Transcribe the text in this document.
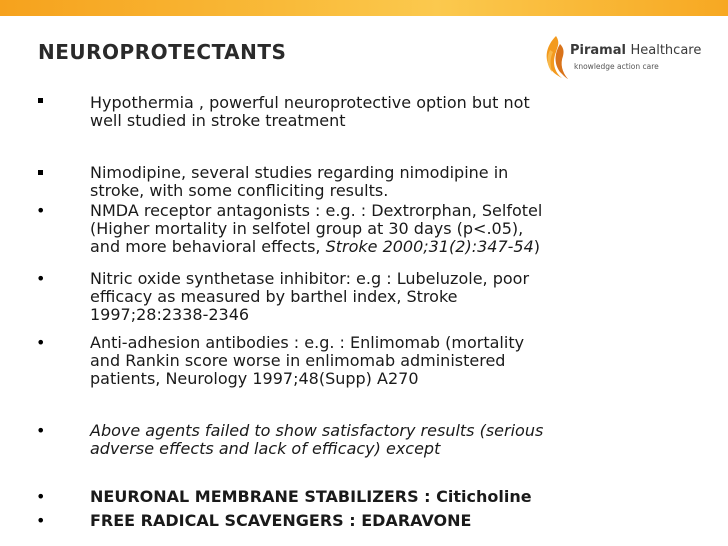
NEUROPROTECTANTS	Piramal Healthcare
knowledge action care
Hypothermia , powerful neuroprotective option but not
well studied in stroke treatment
Nimodipine, several studies regarding nimodipine in
stroke, with some confliciting results.
•	NMDA receptor antagonists : e.g. : Dextrorphan, Selfotel
(Higher mortality in selfotel group at 30 days (p<.05),
and more behavioral effects, Stroke 2000;31(2):347-54)
•	Nitric oxide synthetase inhibitor: e.g : Lubeluzole, poor
efficacy as measured by barthel index, Stroke
1997;28:2338-2346
•	Anti-adhesion antibodies : e.g. : Enlimomab (mortality
and Rankin score worse in enlimomab administered
patients, Neurology 1997;48(Supp) A270
•	Above agents failed to show satisfactory results (serious
adverse effects and lack of efficacy) except
•	NEURONAL MEMBRANE STABILIZERS : Citicholine
•	FREE RADICAL SCAVENGERS : EDARAVONE
